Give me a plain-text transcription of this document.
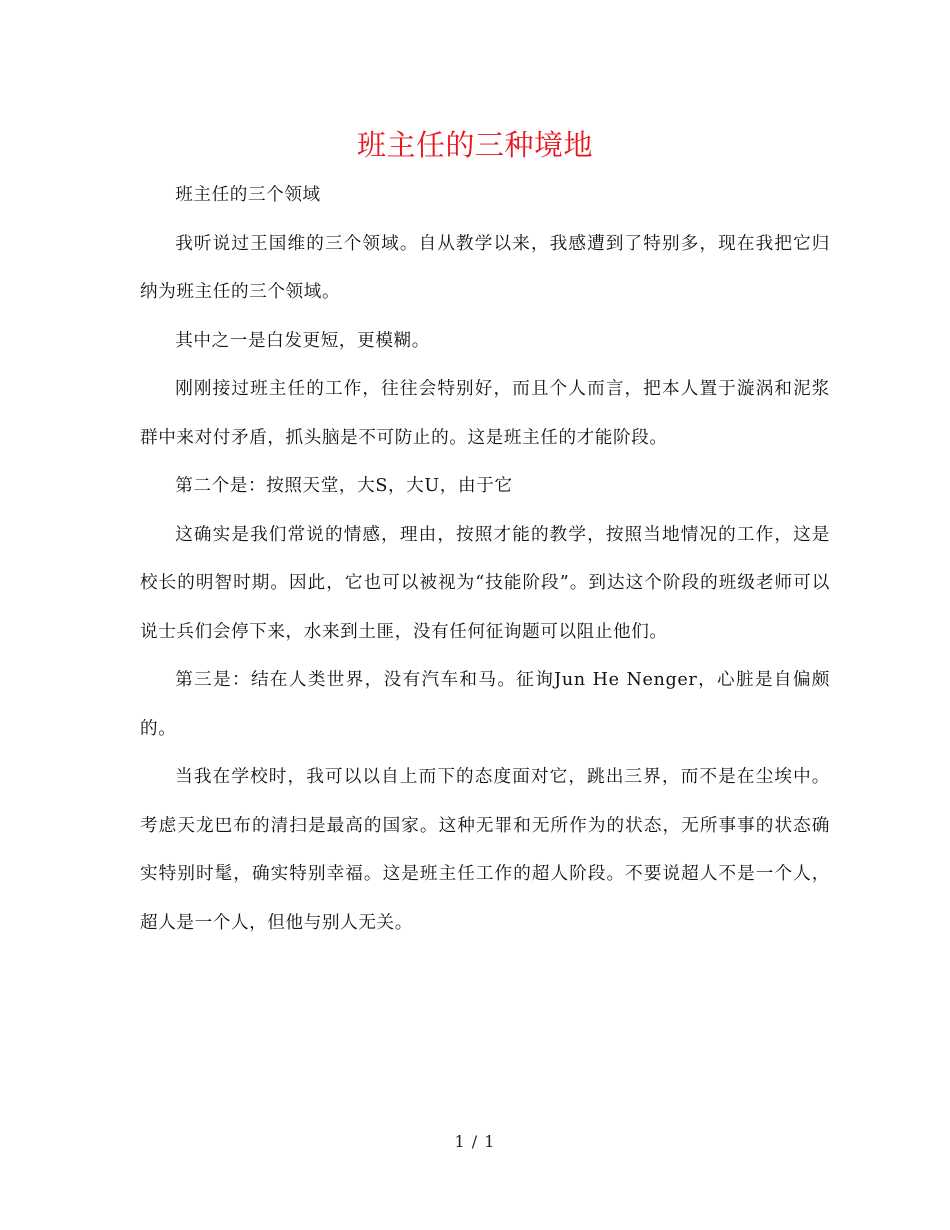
班主任的三种境地

班主任的三个领域

我听说过王国维的三个领域。自从教学以来，我感遭到了特别多，现在我把它归纳为班主任的三个领域。

其中之一是白发更短，更模糊。

刚刚接过班主任的工作，往往会特别好，而且个人而言，把本人置于漩涡和泥浆群中来对付矛盾，抓头脑是不可防止的。这是班主任的才能阶段。

第二个是：按照天堂，大S，大U，由于它

这确实是我们常说的情感，理由，按照才能的教学，按照当地情况的工作，这是校长的明智时期。因此，它也可以被视为“技能阶段”。到达这个阶段的班级老师可以说士兵们会停下来，水来到土匪，没有任何征询题可以阻止他们。

第三是：结在人类世界，没有汽车和马。征询Jun He Nenger，心脏是自偏颇的。

当我在学校时，我可以以自上而下的态度面对它，跳出三界，而不是在尘埃中。考虑天龙巴布的清扫是最高的国家。这种无罪和无所作为的状态，无所事事的状态确实特别时髦，确实特别幸福。这是班主任工作的超人阶段。不要说超人不是一个人，超人是一个人，但他与别人无关。

1 / 1
